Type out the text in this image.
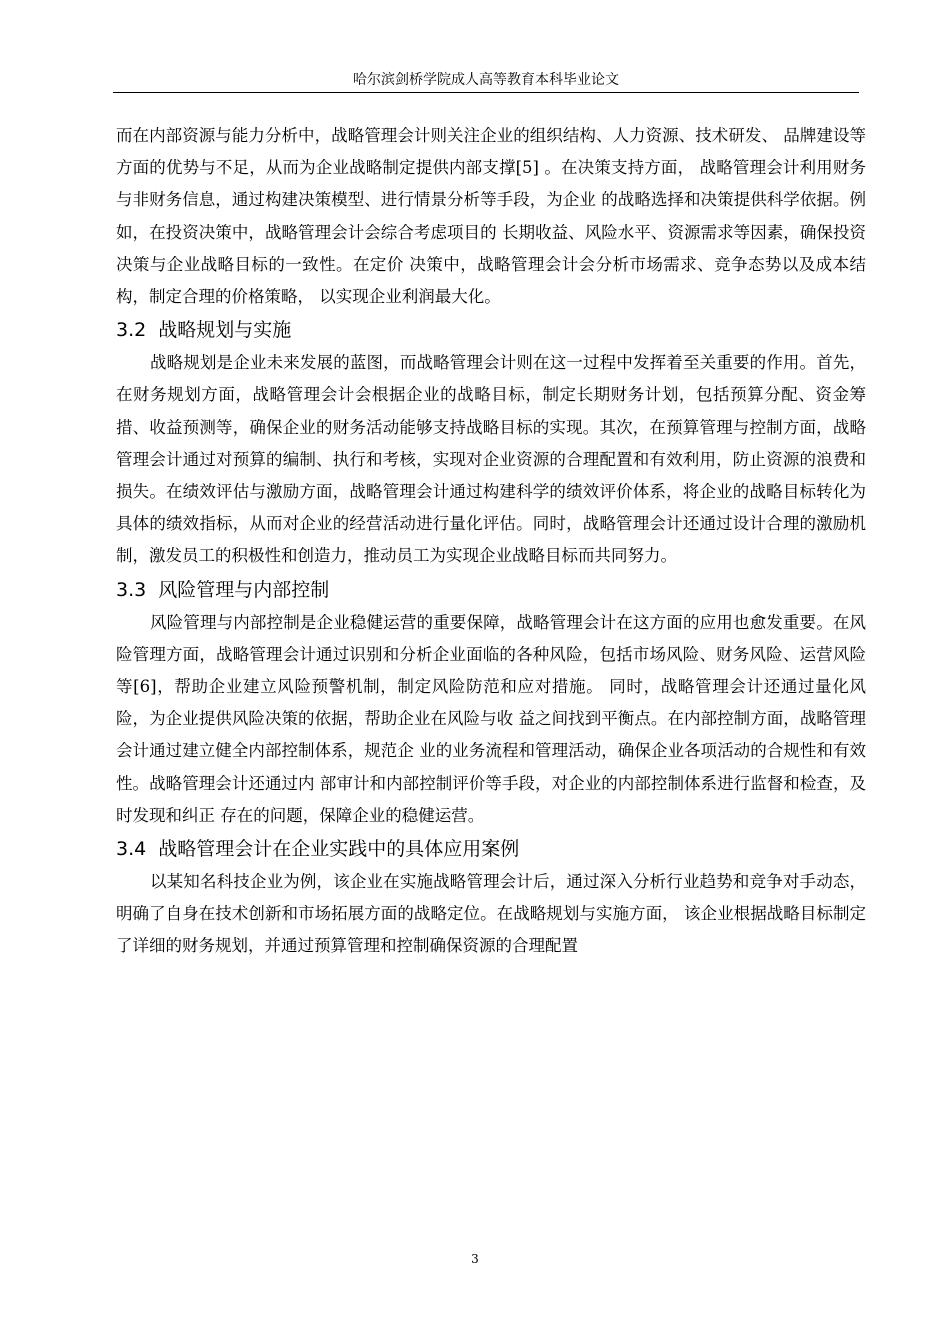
哈尔滨剑桥学院成人高等教育本科毕业论文

而在内部资源与能力分析中，战略管理会计则关注企业的组织结构、人力资源、技术研发、 品牌建设等方面的优势与不足，从而为企业战略制定提供内部支撑[5] 。在决策支持方面， 战略管理会计利用财务与非财务信息，通过构建决策模型、进行情景分析等手段，为企业 的战略选择和决策提供科学依据。例如，在投资决策中，战略管理会计会综合考虑项目的 长期收益、风险水平、资源需求等因素，确保投资决策与企业战略目标的一致性。在定价 决策中，战略管理会计会分析市场需求、竞争态势以及成本结构，制定合理的价格策略， 以实现企业利润最大化。

3.2 战略规划与实施

战略规划是企业未来发展的蓝图，而战略管理会计则在这一过程中发挥着至关重要的作用。首先，在财务规划方面，战略管理会计会根据企业的战略目标，制定长期财务计划，包括预算分配、资金筹措、收益预测等，确保企业的财务活动能够支持战略目标的实现。其次，在预算管理与控制方面，战略管理会计通过对预算的编制、执行和考核，实现对企业资源的合理配置和有效利用，防止资源的浪费和损失。在绩效评估与激励方面，战略管理会计通过构建科学的绩效评价体系，将企业的战略目标转化为具体的绩效指标，从而对企业的经营活动进行量化评估。同时，战略管理会计还通过设计合理的激励机制，激发员工的积极性和创造力，推动员工为实现企业战略目标而共同努力。

3.3 风险管理与内部控制

风险管理与内部控制是企业稳健运营的重要保障，战略管理会计在这方面的应用也愈发重要。在风险管理方面，战略管理会计通过识别和分析企业面临的各种风险，包括市场风险、财务风险、运营风险等[6]，帮助企业建立风险预警机制，制定风险防范和应对措施。 同时，战略管理会计还通过量化风险，为企业提供风险决策的依据，帮助企业在风险与收 益之间找到平衡点。在内部控制方面，战略管理会计通过建立健全内部控制体系，规范企 业的业务流程和管理活动，确保企业各项活动的合规性和有效性。战略管理会计还通过内 部审计和内部控制评价等手段，对企业的内部控制体系进行监督和检查，及时发现和纠正 存在的问题，保障企业的稳健运营。

3.4 战略管理会计在企业实践中的具体应用案例

以某知名科技企业为例，该企业在实施战略管理会计后，通过深入分析行业趋势和竞争对手动态，明确了自身在技术创新和市场拓展方面的战略定位。在战略规划与实施方面， 该企业根据战略目标制定了详细的财务规划，并通过预算管理和控制确保资源的合理配置

3
